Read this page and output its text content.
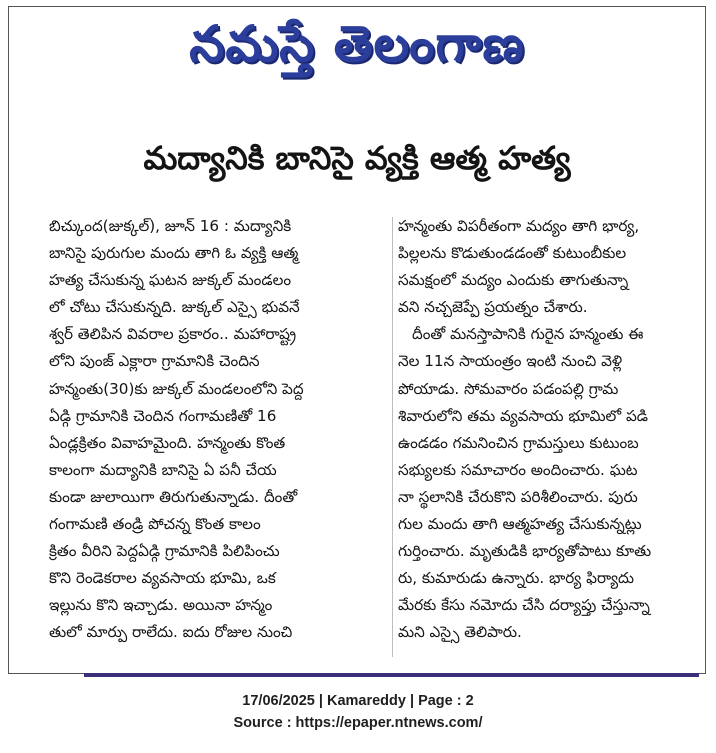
నమస్తే తెలంగాణ
మద్యానికి బానిసై వ్యక్తి ఆత్మ హత్య

బిచ్కుంద(జుక్కల్), జూన్ 16 : మద్యానికి

బానిసై పురుగుల మందు తాగి ఓ వ్యక్తి ఆత్మ

హత్య చేసుకున్న ఘటన జుక్కల్ మండలం

లో చోటు చేసుకున్నది. జుక్కల్ ఎస్సై భువనే

శ్వర్ తెలిపిన వివరాల ప్రకారం.. మహారాష్ట్ర

లోని పుంజ్ ఎక్లారా గ్రామానికి చెందిన

హన్మంతు(30)కు జుక్కల్ మండలంలోని పెద్ద

ఏడ్గి గ్రామానికి చెందిన గంగామణితో 16

ఏండ్లక్రితం వివాహమైంది. హన్మంతు కొంత

కాలంగా మద్యానికి బానిసై ఏ పనీ చేయ

కుండా జులాయిగా తిరుగుతున్నాడు. దీంతో

గంగామణి తండ్రి పోచన్న కొంత కాలం

క్రితం వీరిని పెద్దఏడ్గి గ్రామానికి పిలిపించు

కొని రెండెకరాల వ్యవసాయ భూమి, ఒక

ఇల్లును కొని ఇచ్చాడు. అయినా హన్మం

తులో మార్పు రాలేదు. ఐదు రోజుల నుంచి

హన్మంతు విపరీతంగా మద్యం తాగి భార్య,

పిల్లలను కొడుతుండడంతో కుటుంబీకుల

సమక్షంలో మద్యం ఎందుకు తాగుతున్నా

వని నచ్చజెప్పే ప్రయత్నం చేశారు.

దీంతో మనస్తాపానికి గురైన హన్మంతు ఈ

నెల 11న సాయంత్రం ఇంటి నుంచి వెళ్లి

పోయాడు. సోమవారం పడంపల్లి గ్రామ

శివారులోని తమ వ్యవసాయ భూమిలో పడి

ఉండడం గమనించిన గ్రామస్తులు కుటుంబ

సభ్యులకు సమాచారం అందించారు. ఘట

నా స్థలానికి చేరుకొని పరిశీలించారు. పురు

గుల మందు తాగి ఆత్మహత్య చేసుకున్నట్లు

గుర్తించారు. మృతుడికి భార్యతోపాటు కూతు

రు, కుమారుడు ఉన్నారు. భార్య ఫిర్యాదు

మేరకు కేసు నమోదు చేసి దర్యాప్తు చేస్తున్నా

మని ఎస్సై తెలిపారు.

17/06/2025 | Kamareddy | Page : 2
Source : https://epaper.ntnews.com/
